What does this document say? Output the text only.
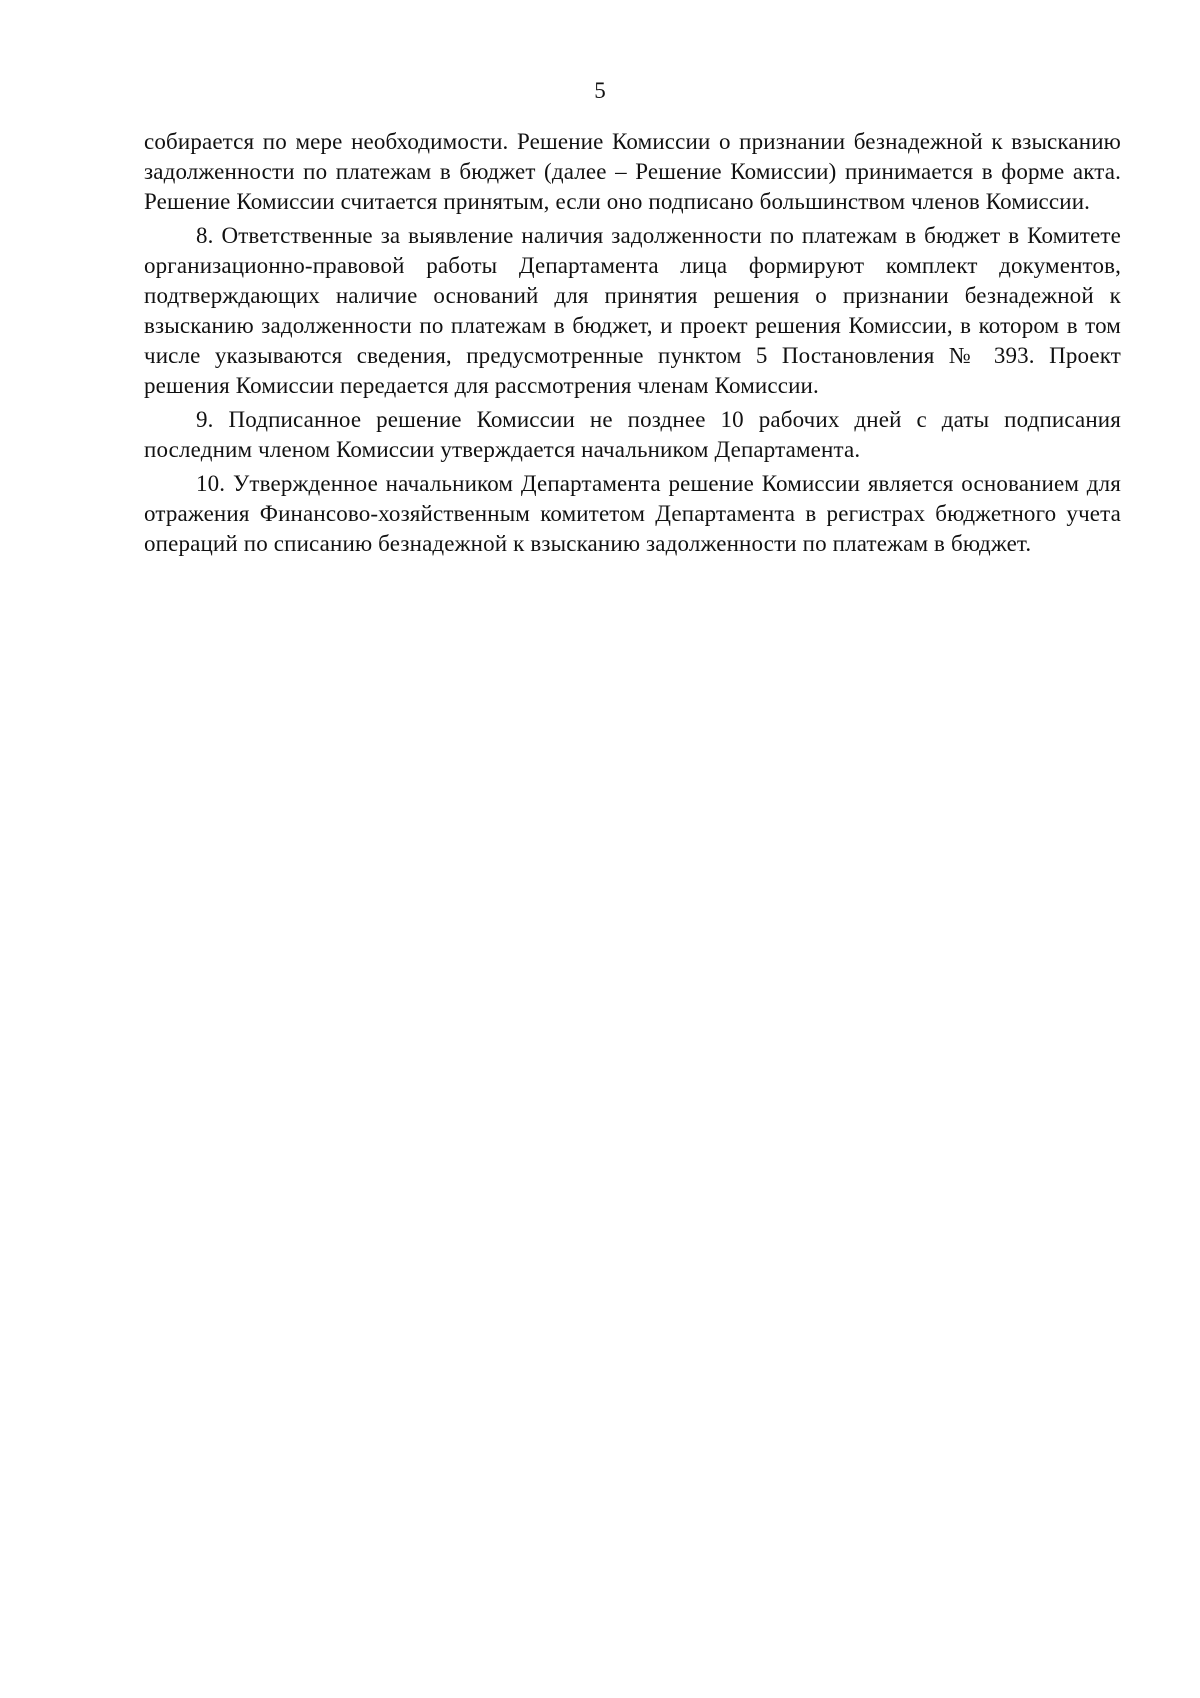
5

собирается по мере необходимости. Решение Комиссии о признании безнадежной к взысканию задолженности по платежам в бюджет (далее – Решение Комиссии) принимается в форме акта. Решение Комиссии считается принятым, если оно подписано большинством членов Комиссии.

8. Ответственные за выявление наличия задолженности по платежам в бюджет в Комитете организационно-правовой работы Департамента лица формируют комплект документов, подтверждающих наличие оснований для принятия решения о признании безнадежной к взысканию задолженности по платежам в бюджет, и проект решения Комиссии, в котором в том числе указываются сведения, предусмотренные пунктом 5 Постановления № 393. Проект решения Комиссии передается для рассмотрения членам Комиссии.

9. Подписанное решение Комиссии не позднее 10 рабочих дней с даты подписания последним членом Комиссии утверждается начальником Департамента.

10. Утвержденное начальником Департамента решение Комиссии является основанием для отражения Финансово-хозяйственным комитетом Департамента в регистрах бюджетного учета операций по списанию безнадежной к взысканию задолженности по платежам в бюджет.
